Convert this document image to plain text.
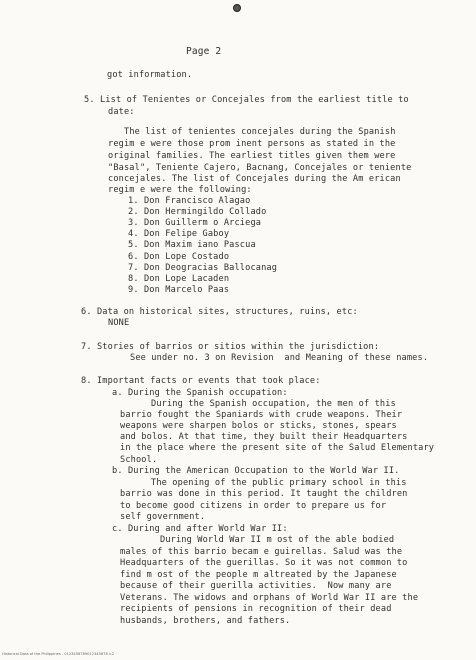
Page 2
got information.
5. List of Tenientes or Concejales from the earliest title to
date:
The list of tenientes concejales during the Spanish
regim e were those prom inent persons as stated in the
original families. The earliest titles given them were
"Basal", Teniente Cajero, Bacnang, Concejales or teniente
concejales. The list of Concejales during the Am erican
regim e were the following:
1. Don Francisco Alagao
2. Don Hermingildo Collado
3. Don Guillerm o Arciega
4. Don Felipe Gaboy
5. Don Maxim iano Pascua
6. Don Lope Costado
7. Don Deogracias Ballocanag
8. Don Lope Lacaden
9. Don Marcelo Paas
6. Data on historical sites, structures, ruins, etc:
NONE
7. Stories of barrios or sitios within the jurisdiction:
See under no. 3 on Revision  and Meaning of these names.
8. Important facts or events that took place:
a. During the Spanish occupation:
During the Spanish occupation, the men of this
barrio fought the Spaniards with crude weapons. Their
weapons were sharpen bolos or sticks, stones, spears
and bolos. At that time, they built their Headquarters
in the place where the present site of the Salud Elementary
School.
b. During the American Occupation to the World War II.
The opening of the public primary school in this
barrio was done in this period. It taught the children
to become good citizens in order to prepare us for
self government.
c. During and after World War II:
During World War II m ost of the able bodied
males of this barrio becam e guirellas. Salud was the
Headquarters of the guerillas. So it was not common to
find m ost of the people m altreated by the Japanese
because of their guerilla activities.  Now many are
Veterans. The widows and orphans of World War II are the
recipients of pensions in recognition of their dead
husbands, brothers, and fathers.
Historical Data of the Philippines - 0123456789012345678 v.2
